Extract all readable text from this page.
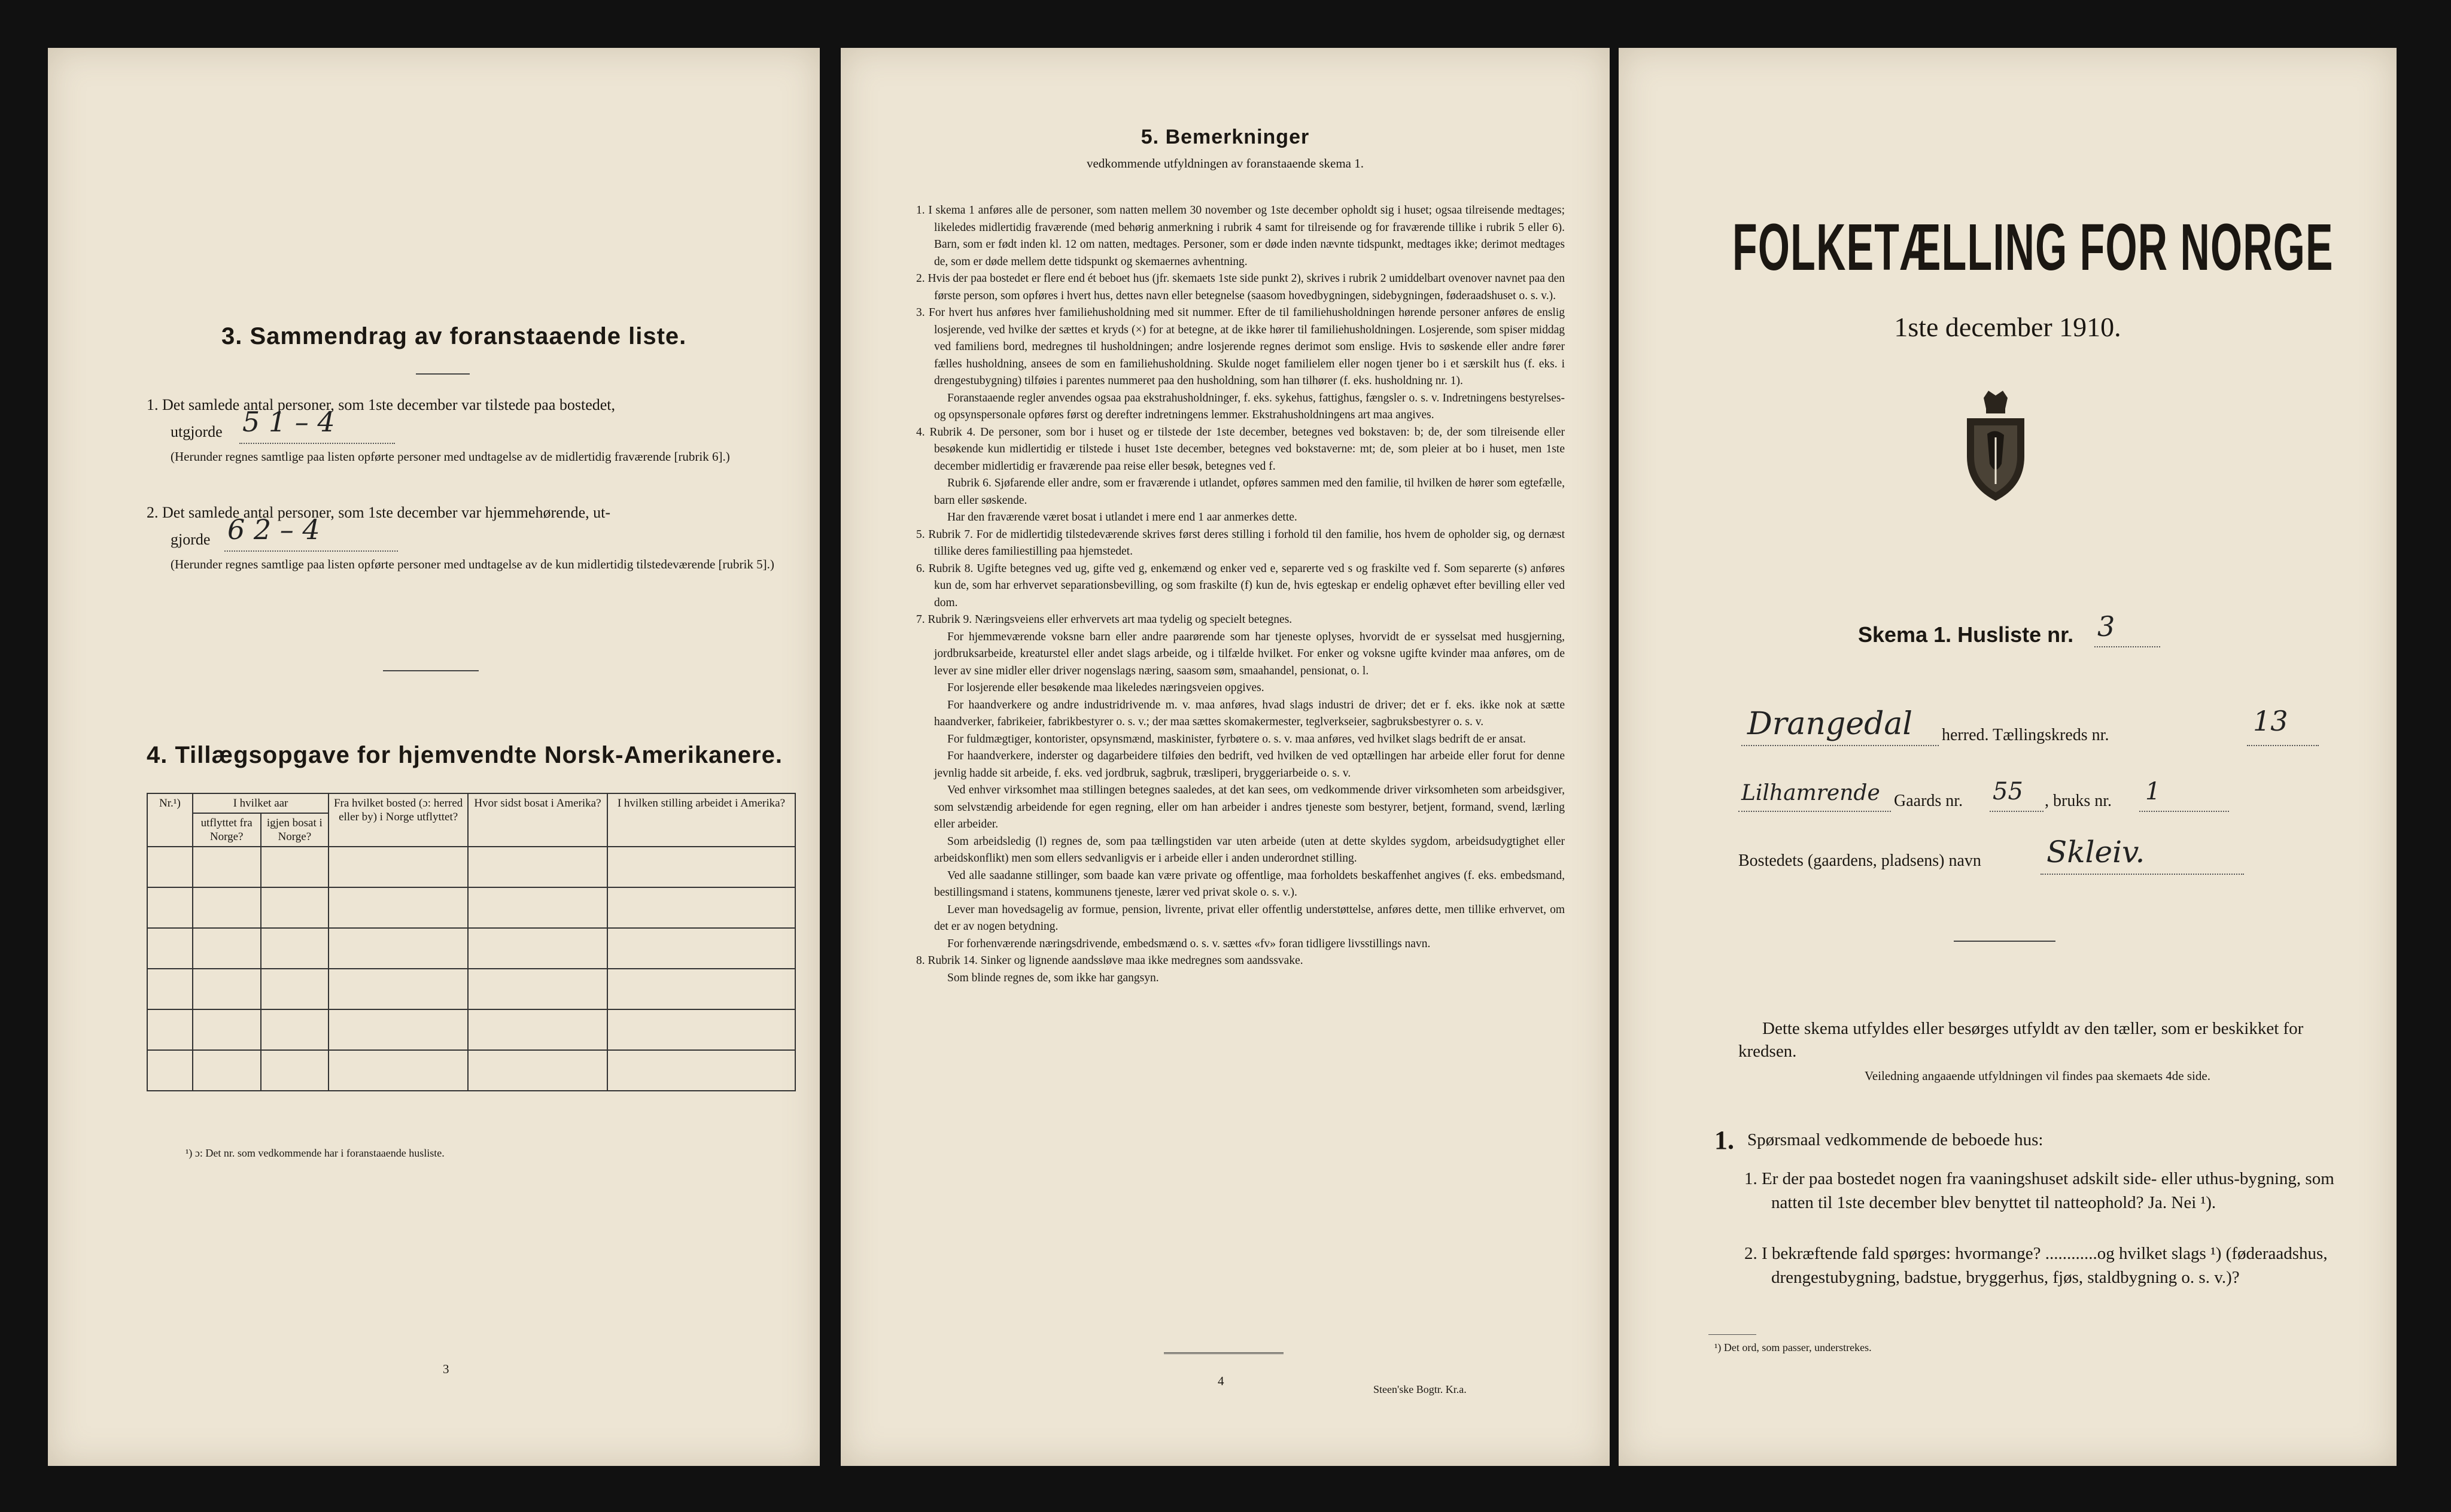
3. Sammendrag av foranstaaende liste.
1. Det samlede antal personer, som 1ste december var tilstede paa bostedet,
utgjorde 5 1 – 4
(Herunder regnes samtlige paa listen opførte personer med undtagelse av de midlertidig fraværende [rubrik 6].)
2. Det samlede antal personer, som 1ste december var hjemmehørende, ut-
gjorde 6 2 – 4
(Herunder regnes samtlige paa listen opførte personer med undtagelse av de kun midlertidig tilstedeværende [rubrik 5].)
4. Tillægsopgave for hjemvendte Norsk-Amerikanere.
Nr.¹)	I hvilket aar		Fra hvilket bosted (ɔ: herred eller by) i Norge utflyttet?	Hvor sidst bosat i Amerika?	I hvilken stilling arbeidet i Amerika?
	utflyttet fra Norge?	igjen bosat i Norge?			

¹) ɔ: Det nr. som vedkommende har i foranstaaende husliste.
3
5. Bemerkninger
vedkommende utfyldningen av foranstaaende skema 1.

1. I skema 1 anføres alle de personer, som natten mellem 30 november og 1ste december opholdt sig i huset; ogsaa tilreisende medtages; likeledes midlertidig fraværende (med behørig anmerkning i rubrik 4 samt for tilreisende og for fraværende tillike i rubrik 5 eller 6). Barn, som er født inden kl. 12 om natten, medtages. Personer, som er døde inden nævnte tidspunkt, medtages ikke; derimot medtages de, som er døde mellem dette tidspunkt og skemaernes avhentning.

2. Hvis der paa bostedet er flere end ét beboet hus (jfr. skemaets 1ste side punkt 2), skrives i rubrik 2 umiddelbart ovenover navnet paa den første person, som opføres i hvert hus, dettes navn eller betegnelse (saasom hovedbygningen, sidebygningen, føderaadshuset o. s. v.).

3. For hvert hus anføres hver familiehusholdning med sit nummer. Efter de til familiehusholdningen hørende personer anføres de enslig losjerende, ved hvilke der sættes et kryds (×) for at betegne, at de ikke hører til familiehusholdningen. Losjerende, som spiser middag ved familiens bord, medregnes til husholdningen; andre losjerende regnes derimot som enslige. Hvis to søskende eller andre fører fælles husholdning, ansees de som en familiehusholdning. Skulde noget familielem eller nogen tjener bo i et særskilt hus (f. eks. i drengestubygning) tilføies i parentes nummeret paa den husholdning, som han tilhører (f. eks. husholdning nr. 1).

Foranstaaende regler anvendes ogsaa paa ekstrahusholdninger, f. eks. sykehus, fattighus, fængsler o. s. v. Indretningens bestyrelses- og opsynspersonale opføres først og derefter indretningens lemmer. Ekstrahusholdningens art maa angives.

4. Rubrik 4. De personer, som bor i huset og er tilstede der 1ste december, betegnes ved bokstaven: b; de, der som tilreisende eller besøkende kun midlertidig er tilstede i huset 1ste december, betegnes ved bokstaverne: mt; de, som pleier at bo i huset, men 1ste december midlertidig er fraværende paa reise eller besøk, betegnes ved f.

Rubrik 6. Sjøfarende eller andre, som er fraværende i utlandet, opføres sammen med den familie, til hvilken de hører som egtefælle, barn eller søskende.

Har den fraværende været bosat i utlandet i mere end 1 aar anmerkes dette.

5. Rubrik 7. For de midlertidig tilstedeværende skrives først deres stilling i forhold til den familie, hos hvem de opholder sig, og dernæst tillike deres familiestilling paa hjemstedet.

6. Rubrik 8. Ugifte betegnes ved ug, gifte ved g, enkemænd og enker ved e, separerte ved s og fraskilte ved f. Som separerte (s) anføres kun de, som har erhvervet separationsbevilling, og som fraskilte (f) kun de, hvis egteskap er endelig ophævet efter bevilling eller ved dom.

7. Rubrik 9. Næringsveiens eller erhvervets art maa tydelig og specielt betegnes.

For hjemmeværende voksne barn eller andre paarørende som har tjeneste oplyses, hvorvidt de er sysselsat med husgjerning, jordbruksarbeide, kreaturstel eller andet slags arbeide, og i tilfælde hvilket. For enker og voksne ugifte kvinder maa anføres, om de lever av sine midler eller driver nogenslags næring, saasom søm, smaahandel, pensionat, o. l.

For losjerende eller besøkende maa likeledes næringsveien opgives.

For haandverkere og andre industridrivende m. v. maa anføres, hvad slags industri de driver; det er f. eks. ikke nok at sætte haandverker, fabrikeier, fabrikbestyrer o. s. v.; der maa sættes skomakermester, teglverkseier, sagbruksbestyrer o. s. v.

For fuldmægtiger, kontorister, opsynsmænd, maskinister, fyrbøtere o. s. v. maa anføres, ved hvilket slags bedrift de er ansat.

For haandverkere, inderster og dagarbeidere tilføies den bedrift, ved hvilken de ved optællingen har arbeide eller forut for denne jevnlig hadde sit arbeide, f. eks. ved jordbruk, sagbruk, træsliperi, bryggeriarbeide o. s. v.

Ved enhver virksomhet maa stillingen betegnes saaledes, at det kan sees, om vedkommende driver virksomheten som arbeidsgiver, som selvstændig arbeidende for egen regning, eller om han arbeider i andres tjeneste som bestyrer, betjent, formand, svend, lærling eller arbeider.

Som arbeidsledig (l) regnes de, som paa tællingstiden var uten arbeide (uten at dette skyldes sygdom, arbeidsudygtighet eller arbeidskonflikt) men som ellers sedvanligvis er i arbeide eller i anden underordnet stilling.

Ved alle saadanne stillinger, som baade kan være private og offentlige, maa forholdets beskaffenhet angives (f. eks. embedsmand, bestillingsmand i statens, kommunens tjeneste, lærer ved privat skole o. s. v.).

Lever man hovedsagelig av formue, pension, livrente, privat eller offentlig understøttelse, anføres dette, men tillike erhvervet, om det er av nogen betydning.

For forhenværende næringsdrivende, embedsmænd o. s. v. sættes «fv» foran tidligere livsstillings navn.

8. Rubrik 14. Sinker og lignende aandssløve maa ikke medregnes som aandssvake.

Som blinde regnes de, som ikke har gangsyn.

4
Steen'ske Bogtr. Kr.a.
FOLKETÆLLING FOR NORGE
1ste december 1910.
Skema 1. Husliste nr. 3
Drangedal herred. Tællingskreds nr.	13
Lilhamrende Gaards nr. 55 , bruks nr. 1
Bostedets (gaardens, pladsens) navn Skleiv.
Dette skema utfyldes eller besørges utfyldt av den tæller, som er beskikket for kredsen.
Veiledning angaaende utfyldningen vil findes paa skemaets 4de side.
1. Spørsmaal vedkommende de beboede hus:
1. Er der paa bostedet nogen fra vaaningshuset adskilt side- eller uthus-bygning, som natten til 1ste december blev benyttet til natteophold? Ja. Nei ¹).
2. I bekræftende fald spørges: hvormange? ............og hvilket slags ¹) (føderaadshus, drengestubygning, badstue, bryggerhus, fjøs, staldbygning o. s. v.)?
¹) Det ord, som passer, understrekes.
